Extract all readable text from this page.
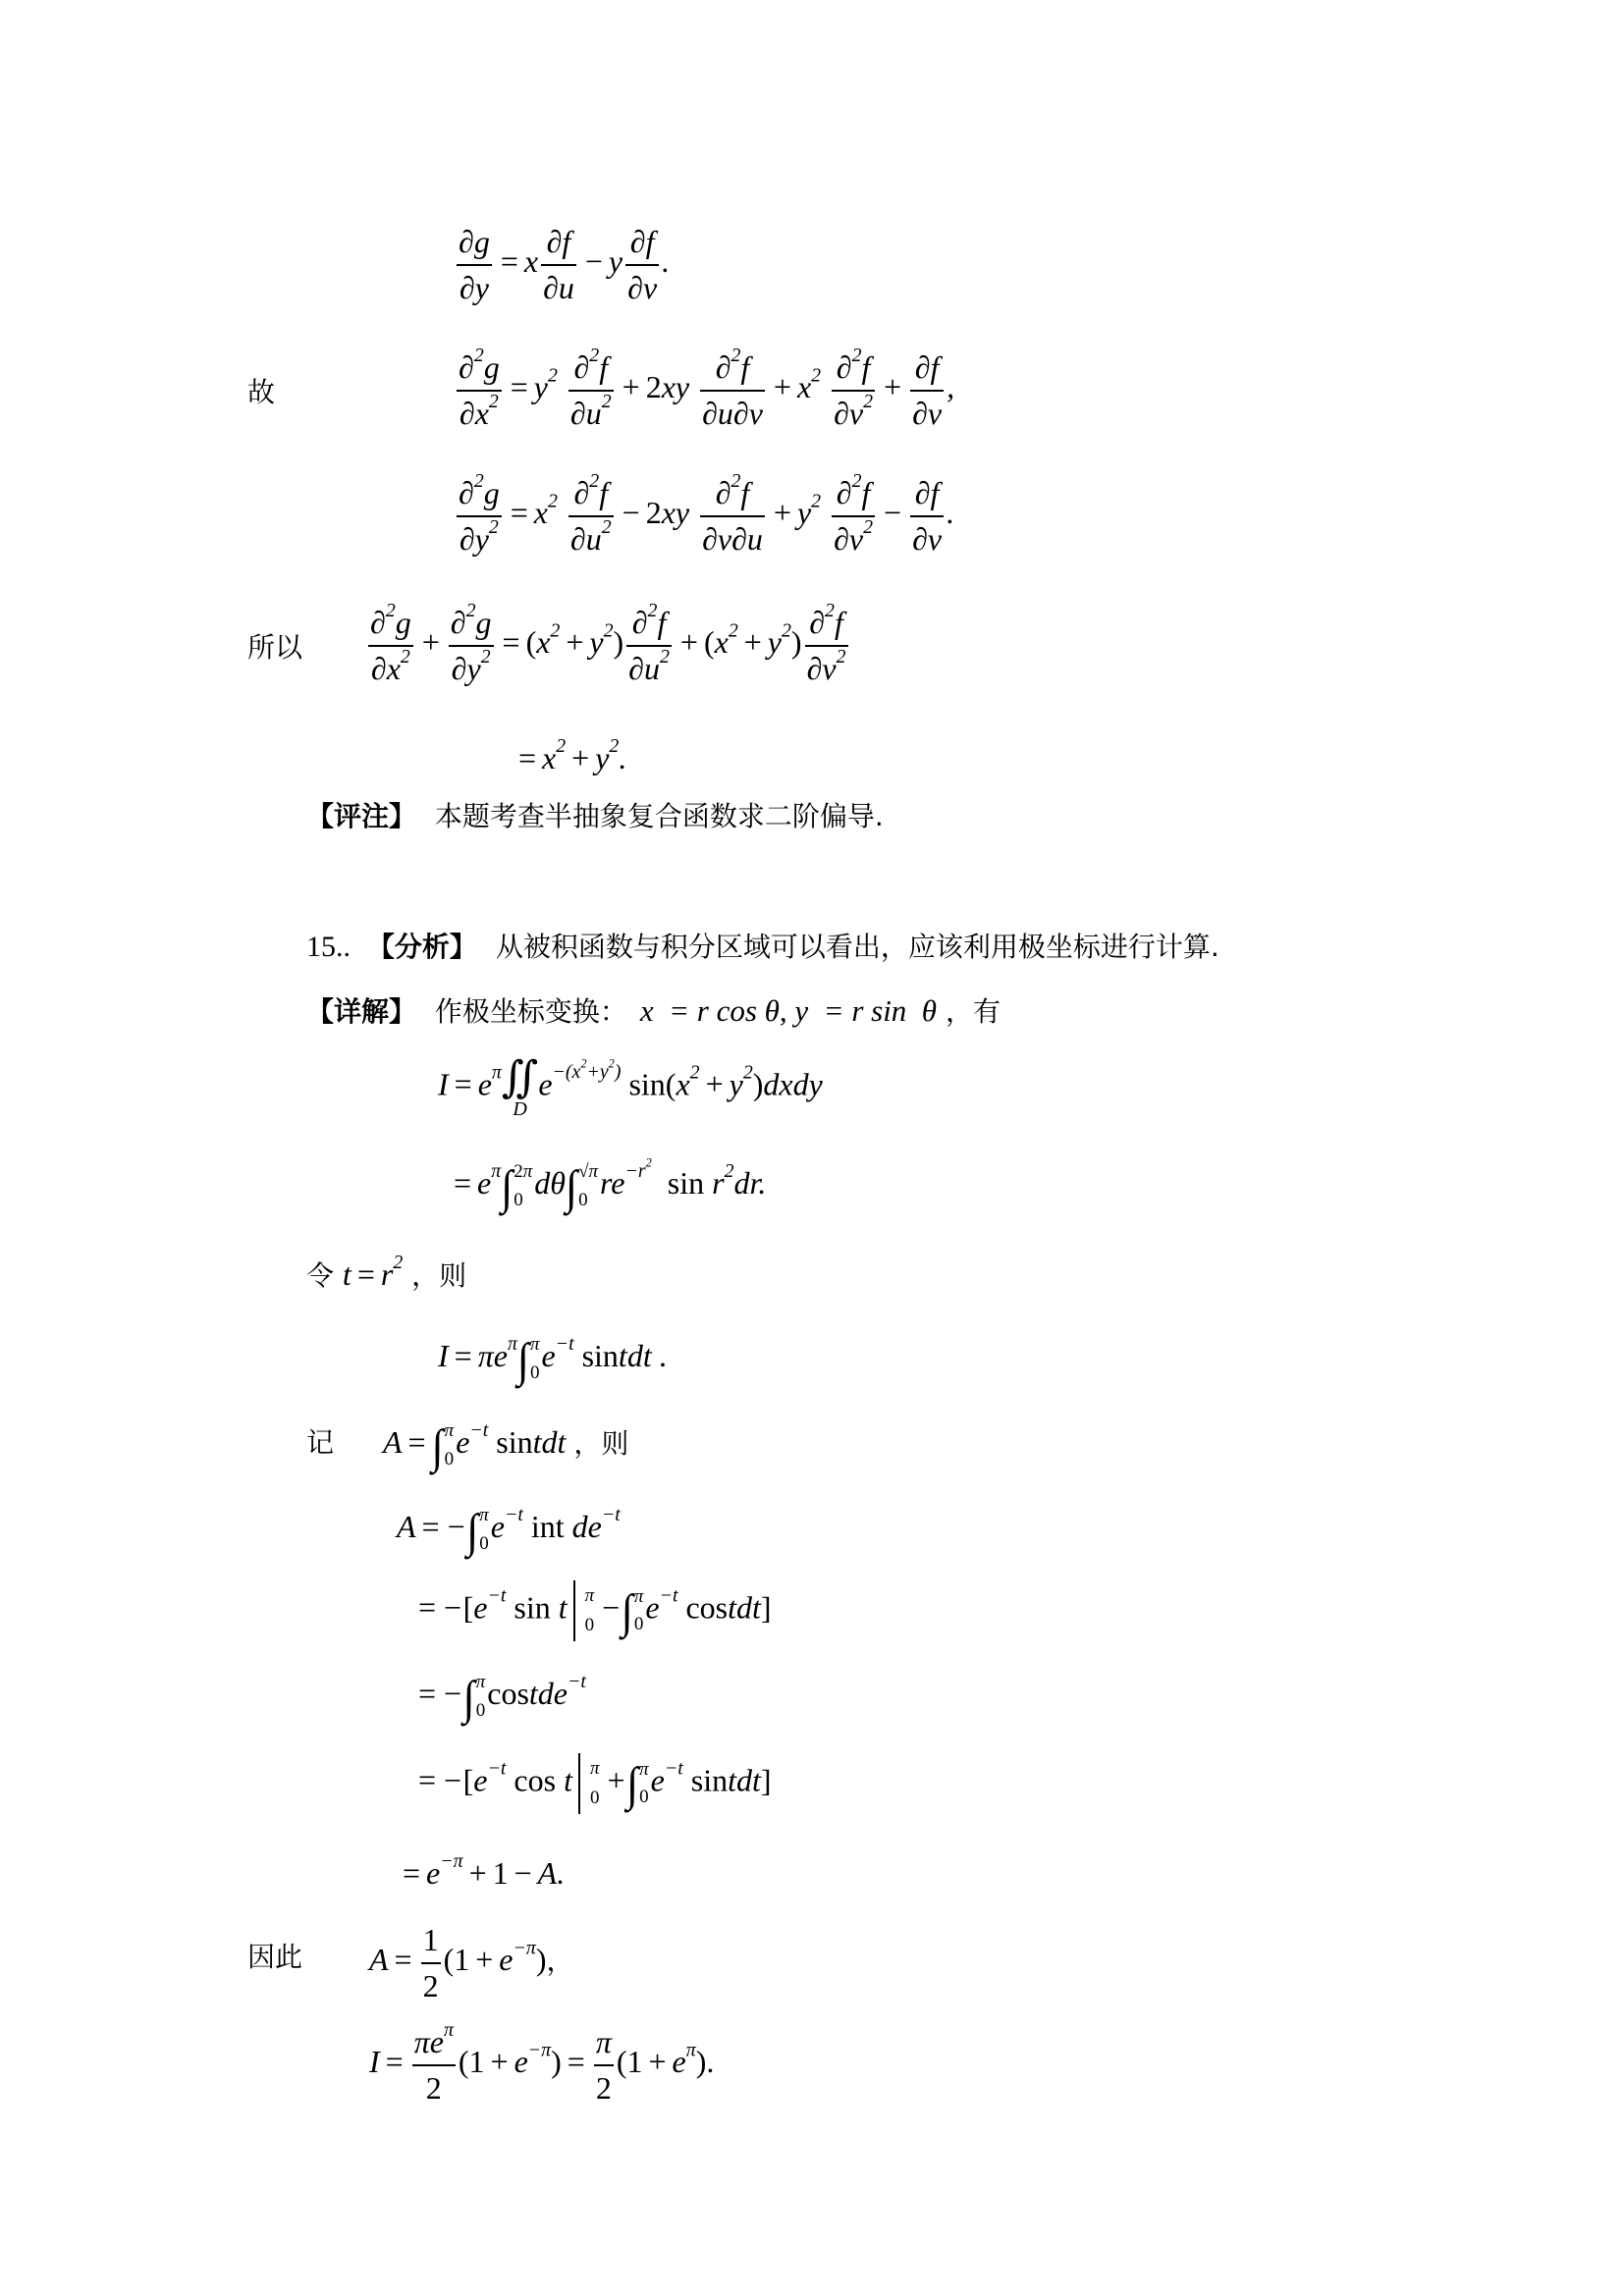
$\frac{\partial g}{\partial y} = x \frac{\partial f}{\partial u} - y \frac{\partial f}{\partial v}$ .
故	$\frac{\partial^2g}{\partial x^2} = y^2 \frac{\partial^2f}{\partial u^2} + 2xy \frac{\partial^2f}{\partial u\partial v} + x^2 \frac{\partial^2f}{\partial v^2} + \frac{\partial f}{\partial v}$ ,
$\frac{\partial^2g}{\partial y^2} = x^2 \frac{\partial^2f}{\partial u^2} - 2xy \frac{\partial^2f}{\partial v\partial u} + y^2 \frac{\partial^2f}{\partial v^2} - \frac{\partial f}{\partial v}$ .
所以 $\frac{\partial^2g}{\partial x^2} + \frac{\partial^2g}{\partial y^2} = (x^2 + y^2) \frac{\partial^2f}{\partial u^2} + (x^2 + y^2) \frac{\partial^2f}{\partial v^2}$
= $x^2 + y^2$.
【评注】 本题考查半抽象复合函数求二阶偏导.
15.. 【分析】 从被积函数与积分区域可以看出，应该利用极坐标进行计算.
【详解】 作极坐标变换： x  = r cos θ, y  = r sin  θ ，有
$I = e^\pi$ ∬
D
$e^{-(x^2+y^2)}$ $\sin(x^2$ + $y^2)dxdy$
= $e^\pi\int$ 2π
0 dθ∫ √π
0 $re^{-r^2}$  $\sin r^2dr$.
令 $t = r^2$ ，则
$I = \pi e^\pi\int$ π
0 $e^{-t}$ sintdt .
记 A = ∫ π
0 $e^{-t}$ sintdt ，则
A = −∫ π
0 $e^{-t}$ int $de^{-t}$
= $-[e^{-t}$ sin t π
0
−∫ π
0 $e^{-t}$ costdt]
= −∫ π
0 costde$^{-t}$
= $-[e^{-t}$ cos t π
0
+∫ π
0 $e^{-t}$ sintdt]
= $e^{-\pi} + 1 - A$.
因此 $A = \frac{1}{2} (1 + e^{-\pi})$，
$I = \frac{\pi e^\pi}{2} (1 + e^{-\pi}) = \frac{\pi}{2} (1 + e^\pi)$.
